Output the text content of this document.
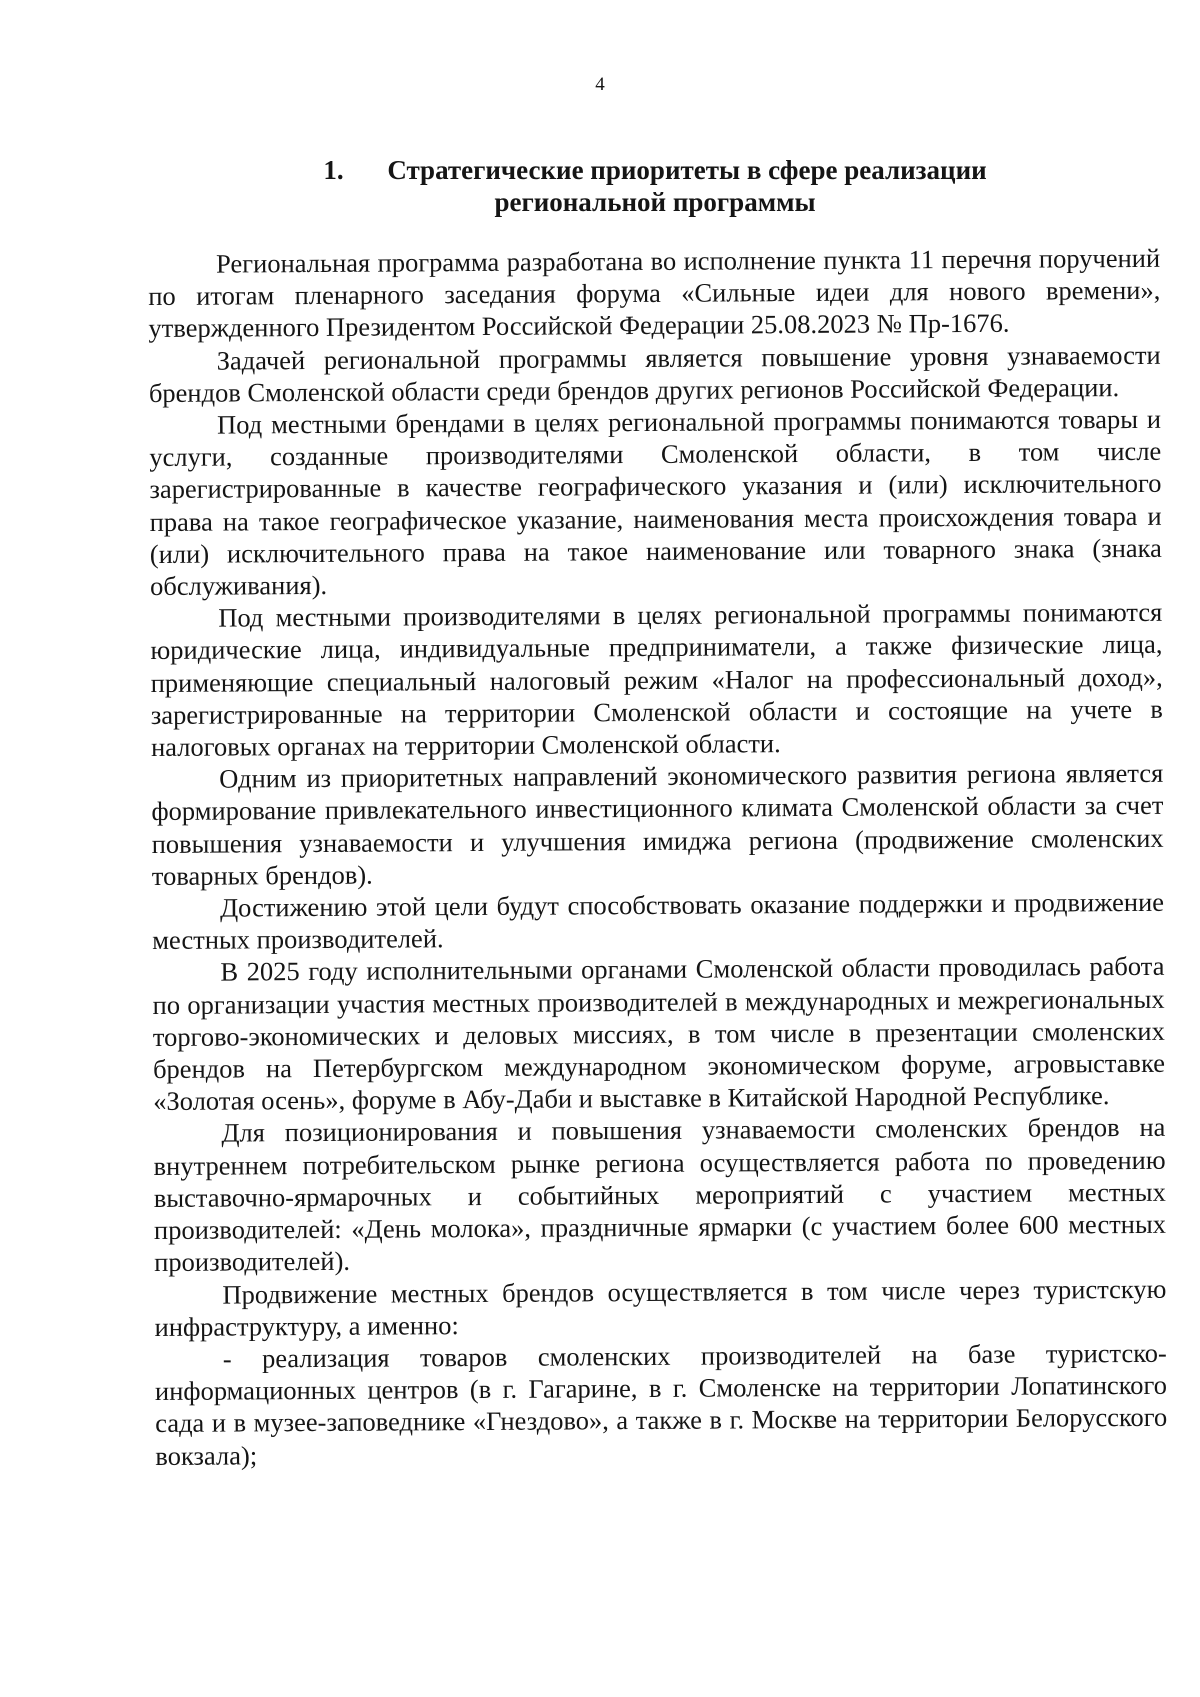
4
1. Стратегические приоритеты в сфере реализации
региональной программы

Региональная программа разработана во исполнение пункта 11 перечня поручений по итогам пленарного заседания форума «Сильные идеи для нового времени», утвержденного Президентом Российской Федерации 25.08.2023 № Пр-1676.

Задачей региональной программы является повышение уровня узнаваемости брендов Смоленской области среди брендов других регионов Российской Федерации.

Под местными брендами в целях региональной программы понимаются товары и услуги, созданные производителями Смоленской области, в том числе зарегистрированные в качестве географического указания и (или) исключительного права на такое географическое указание, наименования места происхождения товара и (или) исключительного права на такое наименование или товарного знака (знака обслуживания).

Под местными производителями в целях региональной программы понимаются юридические лица, индивидуальные предприниматели, а также физические лица, применяющие специальный налоговый режим «Налог на профессиональный доход», зарегистрированные на территории Смоленской области и состоящие на учете в налоговых органах на территории Смоленской области.

Одним из приоритетных направлений экономического развития региона является формирование привлекательного инвестиционного климата Смоленской области за счет повышения узнаваемости и улучшения имиджа региона (продвижение смоленских товарных брендов).

Достижению этой цели будут способствовать оказание поддержки и продвижение местных производителей.

В 2025 году исполнительными органами Смоленской области проводилась работа по организации участия местных производителей в международных и межрегиональных торгово-экономических и деловых миссиях, в том числе в презентации смоленских брендов на Петербургском международном экономическом форуме, агровыставке «Золотая осень», форуме в Абу-Даби и выставке в Китайской Народной Республике.

Для позиционирования и повышения узнаваемости смоленских брендов на внутреннем потребительском рынке региона осуществляется работа по проведению выставочно-ярмарочных и событийных мероприятий с участием местных производителей: «День молока», праздничные ярмарки (с участием более 600 местных производителей).

Продвижение местных брендов осуществляется в том числе через туристскую инфраструктуру, а именно:

- реализация товаров смоленских производителей на базе туристско-информационных центров (в г. Гагарине, в г. Смоленске на территории Лопатинского сада и в музее-заповеднике «Гнездово», а также в г. Москве на территории Белорусского вокзала);
